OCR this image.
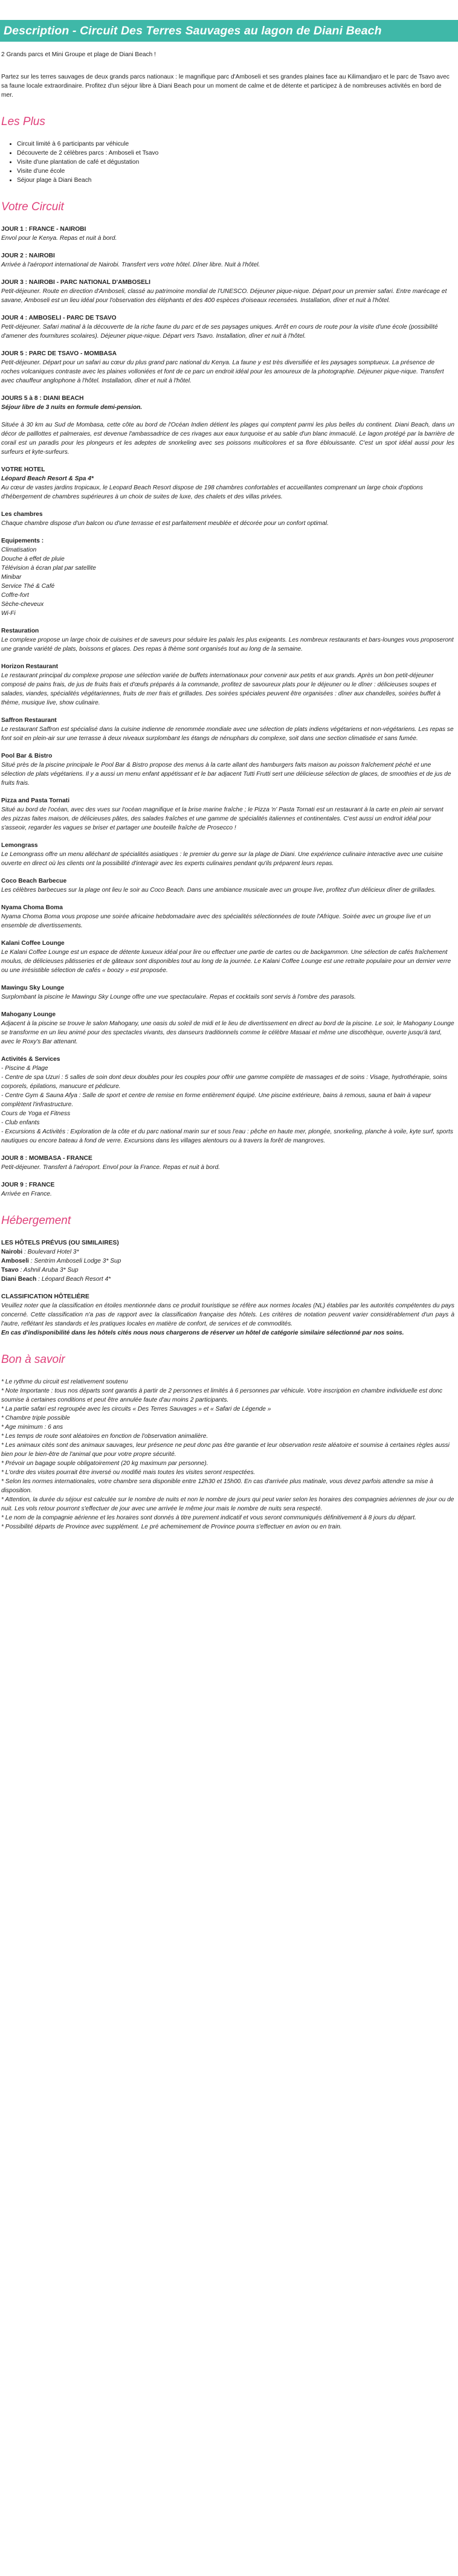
Description - Circuit Des Terres Sauvages au lagon de Diani Beach

2 Grands parcs et Mini Groupe et plage de Diani Beach !

Partez sur les terres sauvages de deux grands parcs nationaux : le magnifique parc d'Amboseli et ses grandes plaines face au Kilimandjaro et le parc de Tsavo avec sa faune locale extraordinaire. Profitez d'un séjour libre à Diani Beach pour un moment de calme et de détente et participez à de nombreuses activités en bord de mer.

Les Plus
• Circuit limité à 6 participants par véhicule
• Découverte de 2 célèbres parcs : Amboseli et Tsavo
• Visite d'une plantation de café et dégustation
• Visite d'une école
• Séjour plage à Diani Beach
Votre Circuit

JOUR 1 : FRANCE - NAIROBI

Envol pour le Kenya. Repas et nuit à bord.

JOUR 2 : NAIROBI

Arrivée à l'aéroport international de Nairobi. Transfert vers votre hôtel. Dîner libre. Nuit à l'hôtel.

JOUR 3 : NAIROBI - PARC NATIONAL D'AMBOSELI

Petit-déjeuner. Route en direction d'Amboseli, classé au patrimoine mondial de l'UNESCO. Déjeuner pique-nique. Départ pour un premier safari. Entre marécage et savane, Amboseli est un lieu idéal pour l'observation des éléphants et des 400 espèces d'oiseaux recensées. Installation, dîner et nuit à l'hôtel.

JOUR 4 : AMBOSELI - PARC DE TSAVO

Petit-déjeuner. Safari matinal à la découverte de la riche faune du parc et de ses paysages uniques. Arrêt en cours de route pour la visite d'une école (possibilité d'amener des fournitures scolaires). Déjeuner pique-nique. Départ vers Tsavo. Installation, dîner et nuit à l'hôtel.

JOUR 5 : PARC DE TSAVO - MOMBASA

Petit-déjeuner. Départ pour un safari au cœur du plus grand parc national du Kenya. La faune y est très diversifiée et les paysages somptueux. La présence de roches volcaniques contraste avec les plaines volloniées et font de ce parc un endroit idéal pour les amoureux de la photographie. Déjeuner pique-nique. Transfert avec chauffeur anglophone à l'hôtel. Installation, dîner et nuit à l'hôtel.

JOURS 5 à 8 : DIANI BEACH

Séjour libre de 3 nuits en formule demi-pension.

Située à 30 km au Sud de Mombasa, cette côte au bord de l'Océan Indien détient les plages qui comptent parmi les plus belles du continent. Diani Beach, dans un décor de palllottes et palmeraies, est devenue l'ambassadrice de ces rivages aux eaux turquoise et au sable d'un blanc immaculé. Le lagon protégé par la barrière de corail est un paradis pour les plongeurs et les adeptes de snorkeling avec ses poissons multicolores et sa flore éblouissante. C'est un spot idéal aussi pour les surfeurs et kyte-surfeurs.

VOTRE HOTEL

Léopard Beach Resort & Spa 4*

Au cœur de vastes jardins tropicaux, le Leopard Beach Resort dispose de 198 chambres confortables et accueillantes comprenant un large choix d'options d'hébergement de chambres supérieures à un choix de suites de luxe, des chalets et des villas privées.

Les chambres

Chaque chambre dispose d'un balcon ou d'une terrasse et est parfaitement meublée et décorée pour un confort optimal.

Equipements :

Climatisation

Douche à effet de pluie

Télévision à écran plat par satellite

Minibar

Service Thé & Café

Coffre-fort

Sèche-cheveux

Wi-Fi

Restauration

Le complexe propose un large choix de cuisines et de saveurs pour séduire les palais les plus exigeants. Les nombreux restaurants et bars-lounges vous proposeront une grande variété de plats, boissons et glaces. Des repas à thème sont organisés tout au long de la semaine.

Horizon Restaurant

Le restaurant principal du complexe propose une sélection variée de buffets internationaux pour convenir aux petits et aux grands. Après un bon petit-déjeuner composé de pains frais, de jus de fruits frais et d'œufs préparés à la commande, profitez de savoureux plats pour le déjeuner ou le dîner : délicieuses soupes et salades, viandes, spécialités végétariennes, fruits de mer frais et grillades. Des soirées spéciales peuvent être organisées : dîner aux chandelles, soirées buffet à thème, musique live, show culinaire.

Saffron Restaurant

Le restaurant Saffron est spécialisé dans la cuisine indienne de renommée mondiale avec une sélection de plats indiens végétariens et non-végétariens. Les repas se font soit en plein-air sur une terrasse à deux niveaux surplombant les étangs de nénuphars du complexe, soit dans une section climatisée et sans fumée.

Pool Bar & Bistro

Situé près de la piscine principale le Pool Bar & Bistro propose des menus à la carte allant des hamburgers faits maison au poisson fraîchement péché et une sélection de plats végétariens. Il y a aussi un menu enfant appétissant et le bar adjacent Tutti Frutti sert une délicieuse sélection de glaces, de smoothies et de jus de fruits frais.

Pizza and Pasta Tornati

Situé au bord de l'océan, avec des vues sur l'océan magnifique et la brise marine fraîche ; le Pizza 'n' Pasta Tornati est un restaurant à la carte en plein air servant des pizzas faites maison, de délicieuses pâtes, des salades fraîches et une gamme de spécialités italiennes et continentales. C'est aussi un endroit idéal pour s'asseoir, regarder les vagues se briser et partager une bouteille fraîche de Prosecco !

Lemongrass

Le Lemongrass offre un menu alléchant de spécialités asiatiques : le premier du genre sur la plage de Diani. Une expérience culinaire interactive avec une cuisine ouverte en direct où les clients ont la possibilité d'interagir avec les experts culinaires pendant qu'ils préparent leurs repas.

Coco Beach Barbecue

Les célèbres barbecues sur la plage ont lieu le soir au Coco Beach. Dans une ambiance musicale avec un groupe live, profitez d'un délicieux dîner de grillades.

Nyama Choma Boma

Nyama Choma Boma vous propose une soirée africaine hebdomadaire avec des spécialités sélectionnées de toute l'Afrique. Soirée avec un groupe live et un ensemble de divertissements.

Kalani Coffee Lounge

Le Kalani Coffee Lounge est un espace de détente luxueux idéal pour lire ou effectuer une partie de cartes ou de backgammon. Une sélection de cafés fraîchement moulus, de délicieuses pâtisseries et de gâteaux sont disponibles tout au long de la journée. Le Kalani Coffee Lounge est une retraite populaire pour un dernier verre ou une irrésistible sélection de cafés « boozy » est proposée.

Mawingu Sky Lounge

Surplombant la piscine le Mawingu Sky Lounge offre une vue spectaculaire. Repas et cocktails sont servis à l'ombre des parasols.

Mahogany Lounge

Adjacent à la piscine se trouve le salon Mahogany, une oasis du soleil de midi et le lieu de divertissement en direct au bord de la piscine. Le soir, le Mahogany Lounge se transforme en un lieu animé pour des spectacles vivants, des danseurs traditionnels comme le célèbre Masaai et même une discothèque, ouverte jusqu'à tard, avec le Roxy's Bar attenant.

Activités & Services

- Piscine & Plage

- Centre de spa Uzuri : 5 salles de soin dont deux doubles pour les couples pour offrir une gamme complète de massages et de soins : Visage, hydrothérapie, soins corporels, épilations, manucure et pédicure.

- Centre Gym & Sauna Afya : Salle de sport et centre de remise en forme entièrement équipé. Une piscine extérieure, bains à remous, sauna et bain à vapeur complètent l'infrastructure.

Cours de Yoga et Fitness

- Club enfants

- Excursions & Activités : Exploration de la côte et du parc national marin sur et sous l'eau : pêche en haute mer, plongée, snorkeling, planche à voile, kyte surf, sports nautiques ou encore bateau à fond de verre. Excursions dans les villages alentours ou à travers la forêt de mangroves.

JOUR 8 : MOMBASA - FRANCE

Petit-déjeuner. Transfert à l'aéroport. Envol pour la France. Repas et nuit à bord.

JOUR 9 : FRANCE

Arrivée en France.

Hébergement

LES HÔTELS PRÉVUS (OU SIMILAIRES)

Nairobi : Boulevard Hotel 3*

Amboseli : Sentrim Amboseli Lodge 3* Sup

Tsavo : Ashnil Aruba 3* Sup

Diani Beach : Léopard Beach Resort 4*

CLASSIFICATION HÔTELIÈRE

Veuillez noter que la classification en étoiles mentionnée dans ce produit touristique se réfère aux normes locales (NL) établies par les autorités compétentes du pays concerné. Cette classification n'a pas de rapport avec la classification française des hôtels. Les critères de notation peuvent varier considérablement d'un pays à l'autre, reflétant les standards et les pratiques locales en matière de confort, de services et de commodités.

En cas d'indisponibilité dans les hôtels cités nous nous chargerons de réserver un hôtel de catégorie similaire sélectionné par nos soins.

Bon à savoir

* Le rythme du circuit est relativement soutenu

* Note Importante : tous nos départs sont garantis à partir de 2 personnes et limités à 6 personnes par véhicule. Votre inscription en chambre individuelle est donc soumise à certaines conditions et peut être annulée faute d'au moins 2 participants.

* La partie safari est regroupée avec les circuits « Des Terres Sauvages » et « Safari de Légende »

* Chambre triple possible

* Age minimum : 6 ans

* Les temps de route sont aléatoires en fonction de l'observation animalière.

* Les animaux cités sont des animaux sauvages, leur présence ne peut donc pas être garantie et leur observation reste aléatoire et soumise à certaines règles aussi bien pour le bien-être de l'animal que pour votre propre sécurité.

* Prévoir un bagage souple obligatoirement (20 kg maximum par personne).

* L'ordre des visites pourrait être inversé ou modifié mais toutes les visites seront respectées.

* Selon les normes internationales, votre chambre sera disponible entre 12h30 et 15h00. En cas d'arrivée plus matinale, vous devez parfois attendre sa mise à disposition.

* Attention, la durée du séjour est calculée sur le nombre de nuits et non le nombre de jours qui peut varier selon les horaires des compagnies aériennes de jour ou de nuit. Les vols retour pourront s'effectuer de jour avec une arrivée le même jour mais le nombre de nuits sera respecté.

* Le nom de la compagnie aérienne et les horaires sont donnés à titre purement indicatif et vous seront communiqués définitivement à 8 jours du départ.

* Possibilité départs de Province avec supplément. Le pré acheminement de Province pourra s'effectuer en avion ou en train.
